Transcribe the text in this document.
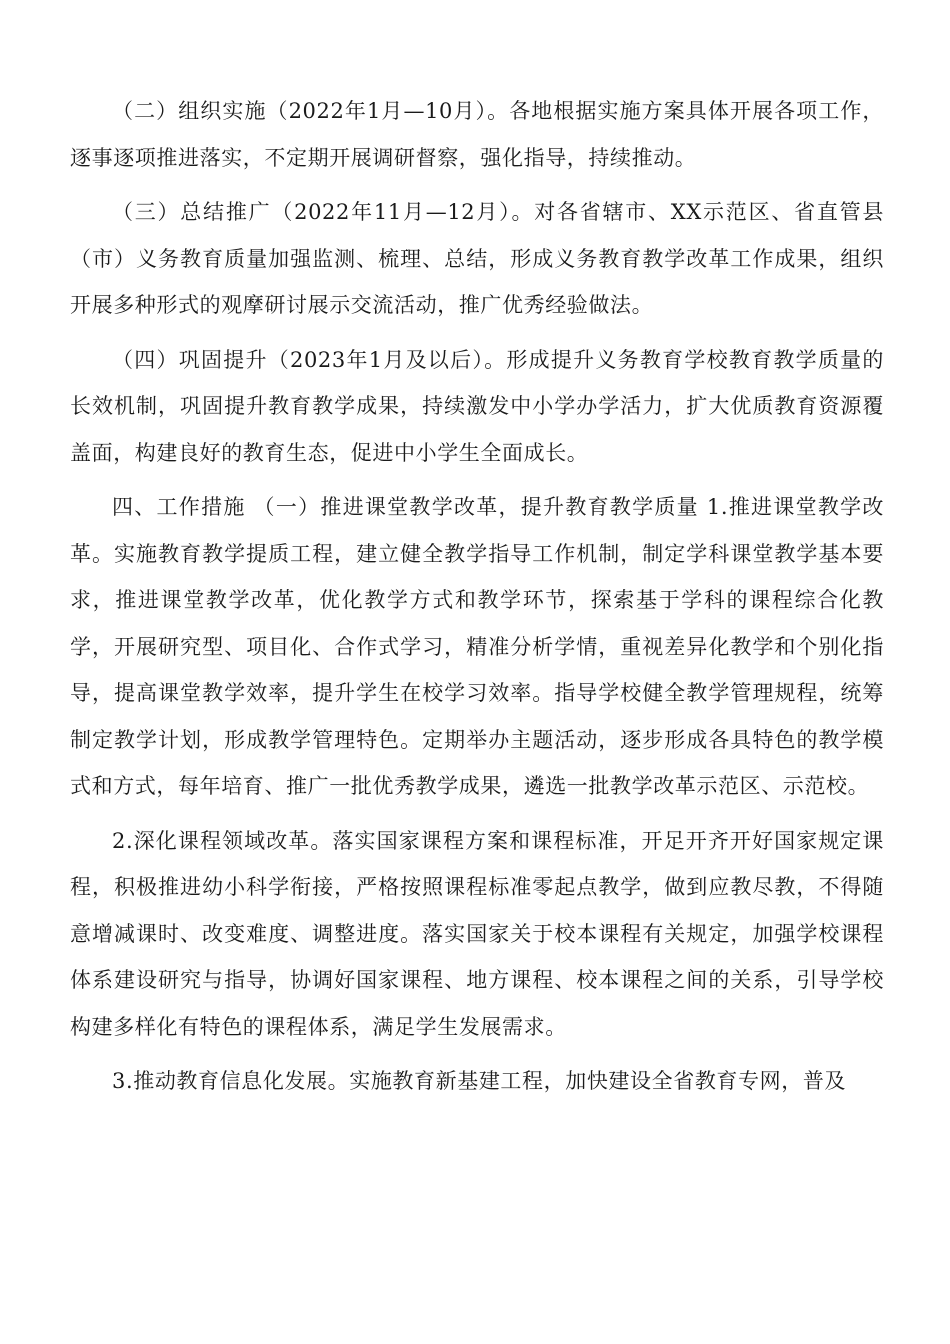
（二）组织实施（2022年1月—10月）。各地根据实施方案具体开展各项工作，逐事逐项推进落实，不定期开展调研督察，强化指导，持续推动。

（三）总结推广（2022年11月—12月）。对各省辖市、XX示范区、省直管县（市）义务教育质量加强监测、梳理、总结，形成义务教育教学改革工作成果，组织开展多种形式的观摩研讨展示交流活动，推广优秀经验做法。

（四）巩固提升（2023年1月及以后）。形成提升义务教育学校教育教学质量的长效机制，巩固提升教育教学成果，持续激发中小学办学活力，扩大优质教育资源覆盖面，构建良好的教育生态，促进中小学生全面成长。

四、工作措施 （一）推进课堂教学改革，提升教育教学质量 1.推进课堂教学改革。实施教育教学提质工程，建立健全教学指导工作机制，制定学科课堂教学基本要求，推进课堂教学改革，优化教学方式和教学环节，探索基于学科的课程综合化教学，开展研究型、项目化、合作式学习，精准分析学情，重视差异化教学和个别化指导，提高课堂教学效率，提升学生在校学习效率。指导学校健全教学管理规程，统筹制定教学计划，形成教学管理特色。定期举办主题活动，逐步形成各具特色的教学模式和方式，每年培育、推广一批优秀教学成果，遴选一批教学改革示范区、示范校。

2.深化课程领域改革。落实国家课程方案和课程标准，开足开齐开好国家规定课程，积极推进幼小科学衔接，严格按照课程标准零起点教学，做到应教尽教，不得随意增减课时、改变难度、调整进度。落实国家关于校本课程有关规定，加强学校课程体系建设研究与指导，协调好国家课程、地方课程、校本课程之间的关系，引导学校构建多样化有特色的课程体系，满足学生发展需求。

3.推动教育信息化发展。实施教育新基建工程，加快建设全省教育专网，普及
